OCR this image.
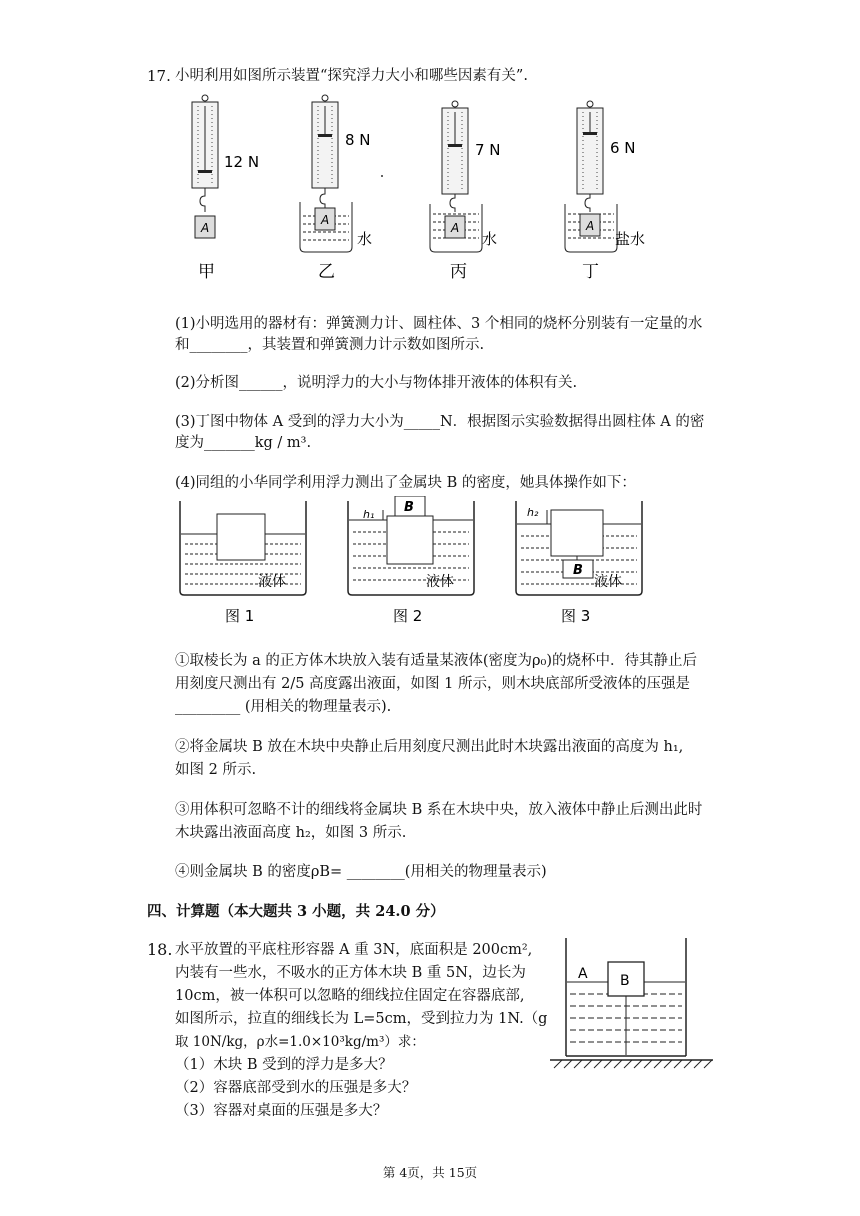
17. 小明利用如图所示装置“探究浮力大小和哪些因素有关”.
A
12 N
A
8 N
水
A
7 N
水
A
6 N
盐水
甲	乙	丙	丁
(1)小明选用的器材有：弹簧测力计、圆柱体、3 个相同的烧杯分别装有一定量的水
和________，其装置和弹簧测力计示数如图所示.
(2)分析图______，说明浮力的大小与物体排开液体的体积有关.
(3)丁图中物体 A 受到的浮力大小为_____N．根据图示实验数据得出圆柱体 A 的密
度为_______kg / m³.
(4)同组的小华同学利用浮力测出了金属块 B 的密度，她具体操作如下：
液体
图 1
B
h₁
液体
图 2
B
h₂
液体
图 3
①取棱长为 a 的正方体木块放入装有适量某液体(密度为ρ₀)的烧杯中．待其静止后
用刻度尺测出有 2/5 高度露出液面，如图 1 所示，则木块底部所受液体的压强是
_________ (用相关的物理量表示).
②将金属块 B 放在木块中央静止后用刻度尺测出此时木块露出液面的高度为 h₁,
如图 2 所示.
③用体积可忽略不计的细线将金属块 B 系在木块中央，放入液体中静止后测出此时
木块露出液面高度 h₂，如图 3 所示.
④则金属块 B 的密度ρB= ________(用相关的物理量表示)
四、计算题（本大题共 3 小题，共 24.0 分）
18. 水平放置的平底柱形容器 A 重 3N，底面积是 200cm²,
内装有一些水，不吸水的正方体木块 B 重 5N，边长为
10cm，被一体积可以忽略的细线拉住固定在容器底部,
如图所示，拉直的细线长为 L=5cm，受到拉力为 1N.（g
取 10N/kg，ρ水=1.0×10³kg/m³）求：
（1）木块 B 受到的浮力是多大？
（2）容器底部受到水的压强是多大？
（3）容器对桌面的压强是多大？
B
A
第 4页，共 15页
